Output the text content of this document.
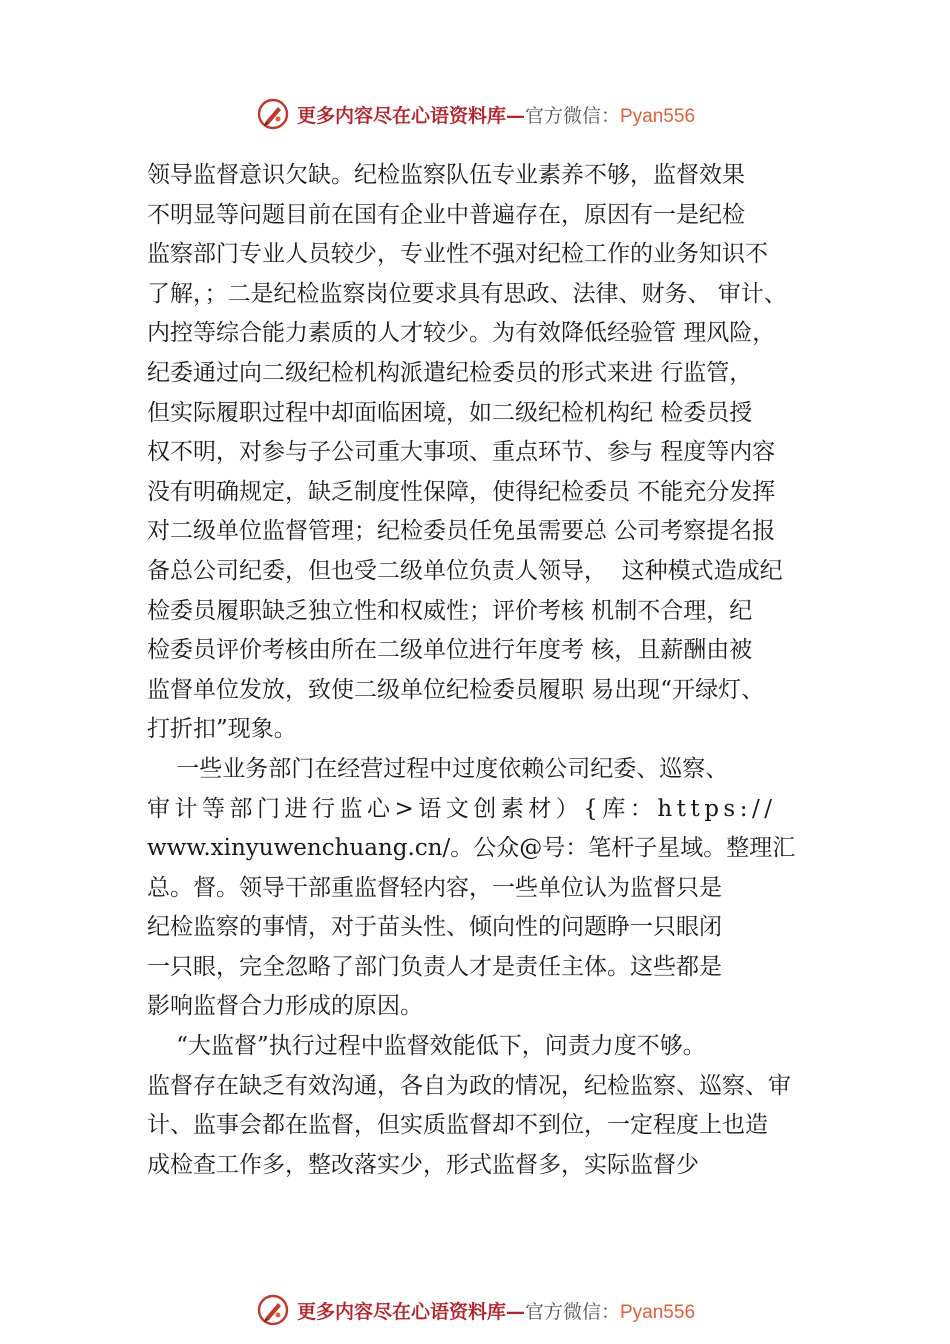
更多内容尽在心语资料库—官方微信：Pyan556
领导监督意识欠缺。纪检监察队伍专业素养不够，监督效果
不明显等问题目前在国有企业中普遍存在，原因有一是纪检
监察部门专业人员较少，专业性不强对纪检工作的业务知识不
了解，；二是纪检监察岗位要求具有思政、法律、财务、 审计、
内控等综合能力素质的人才较少。为有效降低经验管 理风险，
纪委通过向二级纪检机构派遣纪检委员的形式来进 行监管，
但实际履职过程中却面临困境，如二级纪检机构纪 检委员授
权不明，对参与子公司重大事项、重点环节、参与 程度等内容
没有明确规定，缺乏制度性保障，使得纪检委员 不能充分发挥
对二级单位监督管理；纪检委员任免虽需要总 公司考察提名报
备总公司纪委，但也受二级单位负责人领导，  这种模式造成纪
检委员履职缺乏独立性和权威性；评价考核 机制不合理，纪
检委员评价考核由所在二级单位进行年度考 核，且薪酬由被
监督单位发放，致使二级单位纪检委员履职 易出现“开绿灯、
打折扣”现象。
一些业务部门在经营过程中过度依赖公司纪委、巡察、
审计等部门进行监心>语文创素材）{库：https://
www.xinyuwenchuang.cn/。公众@号：笔杆子星域。整理汇
总。督。领导干部重监督轻内容，一些单位认为监督只是
纪检监察的事情，对于苗头性、倾向性的问题睁一只眼闭
一只眼，完全忽略了部门负责人才是责任主体。这些都是
影响监督合力形成的原因。
“大监督”执行过程中监督效能低下，问责力度不够。
监督存在缺乏有效沟通，各自为政的情况，纪检监察、巡察、审
计、监事会都在监督，但实质监督却不到位，一定程度上也造
成检查工作多，整改落实少，形式监督多，实际监督少
更多内容尽在心语资料库—官方微信：Pyan556
